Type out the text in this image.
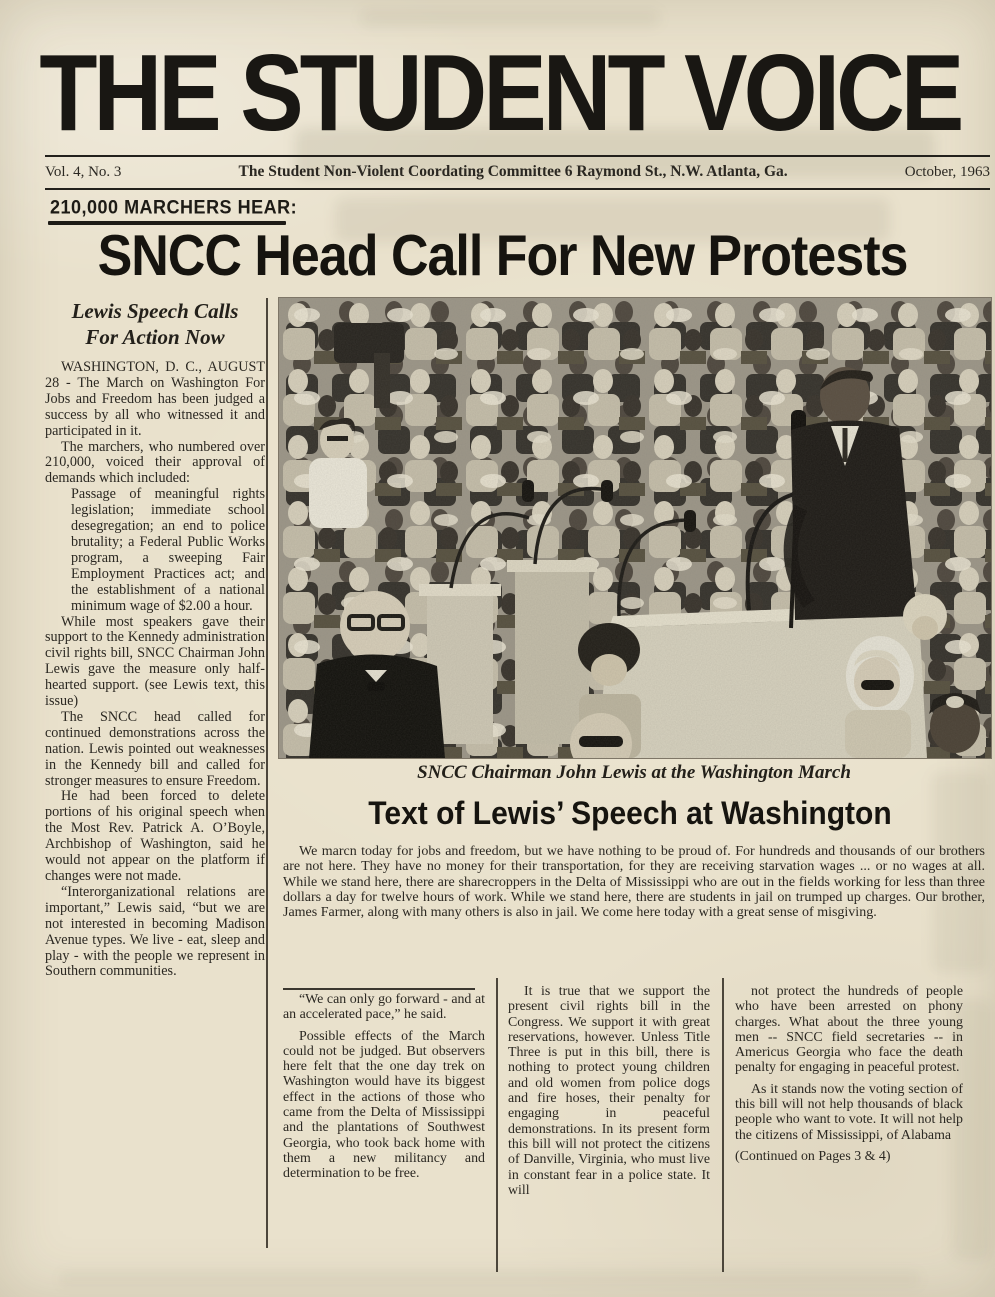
THE STUDENT VOICE
Vol. 4, No. 3	The Student Non-Violent Coordating Committee 6 Raymond St., N.W. Atlanta, Ga.	October, 1963
210,000 MARCHERS HEAR:
SNCC Head Call For New Protests
Lewis Speech Calls
For Action Now

WASHINGTON, D. C., AUGUST 28 - The March on Washington For Jobs and Freedom has been judged a success by all who witnessed it and participated in it.

The marchers, who numbered over 210,000, voiced their approval of demands which included:

Passage of meaningful rights legislation; immediate school desegregation; an end to police brutality; a Federal Public Works program, a sweeping Fair Employment Practices act; and the establishment of a national minimum wage of $2.00 a hour.

While most speakers gave their support to the Kennedy administration civil rights bill, SNCC Chairman John Lewis gave the measure only half-hearted support. (see Lewis text, this issue)

The SNCC head called for continued demonstrations across the nation. Lewis pointed out weaknesses in the Kennedy bill and called for stronger measures to ensure Freedom.

He had been forced to delete portions of his original speech when the Most Rev. Patrick A. O’Boyle, Archbishop of Washington, said he would not appear on the platform if changes were not made.

“Interorganizational relations are important,” Lewis said, “but we are not interested in becoming Madison Avenue types. We live - eat, sleep and play - with the people we represent in Southern communities.

SNCC Chairman John Lewis at the Washington March
Text of Lewis’ Speech at Washington

We marcn today for jobs and freedom, but we have nothing to be proud of. For hundreds and thousands of our brothers are not here. They have no money for their transportation, for they are receiving starvation wages ... or no wages at all. While we stand here, there are sharecroppers in the Delta of Mississippi who are out in the fields working for less than three dollars a day for twelve hours of work. While we stand here, there are students in jail on trumped up charges. Our brother, James Farmer, along with many others is also in jail. We come here today with a great sense of misgiving.

“We can only go forward - and at an accelerated pace,” he said.

Possible effects of the March could not be judged. But observers here felt that the one day trek on Washington would have its biggest effect in the actions of those who came from the Delta of Mississippi and the plantations of Southwest Georgia, who took back home with them a new militancy and determination to be free.

It is true that we support the present civil rights bill in the Congress. We support it with great reservations, however. Unless Title Three is put in this bill, there is nothing to protect young children and old women from police dogs and fire hoses, their penalty for engaging in peaceful demonstrations. In its present form this bill will not protect the citizens of Danville, Virginia, who must live in constant fear in a police state. It will

not protect the hundreds of people who have been arrested on phony charges. What about the three young men -- SNCC field secretaries -- in Americus Georgia who face the death penalty for engaging in peaceful protest.

As it stands now the voting section of this bill will not help thousands of black people who want to vote. It will not help the citizens of Mississippi, of Alabama

(Continued on Pages 3 & 4)
